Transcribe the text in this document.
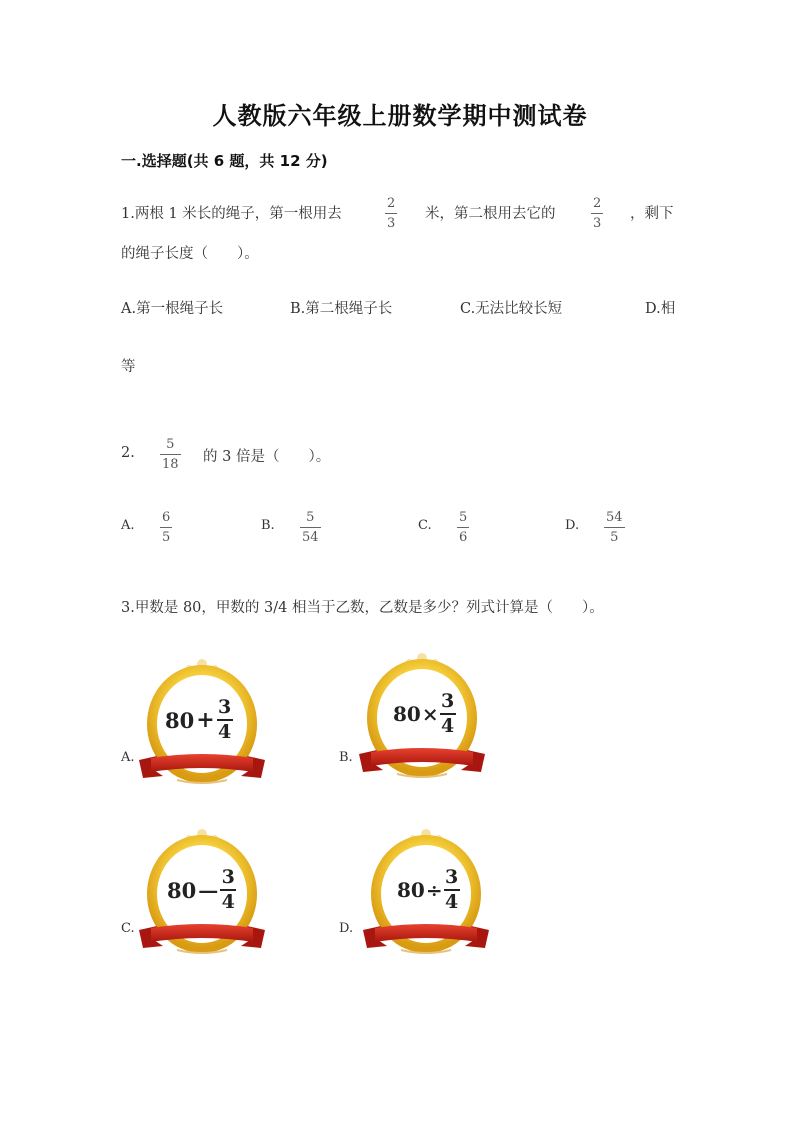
人教版六年级上册数学期中测试卷
一.选择题(共 6 题，共 12 分)
1.两根 1 米长的绳子，第一根用去
2
3
米，第二根用去它的
2
3
，剩下
的绳子长度（　　）。
A.第一根绳子长	B.第二根绳子长	C.无法比较长短	D.相
等
2.
5
18 的 3 倍是（　　）。
A.
6
5
B.
5
54
C.
5
6
D.
54
5
3.甲数是 80，甲数的 3/4 相当于乙数，乙数是多少？列式计算是（　　）。
A.
80 + 3
4
B.
80 ×
3
4
C.
80 —
3
4
D.
80 ÷
3
4
